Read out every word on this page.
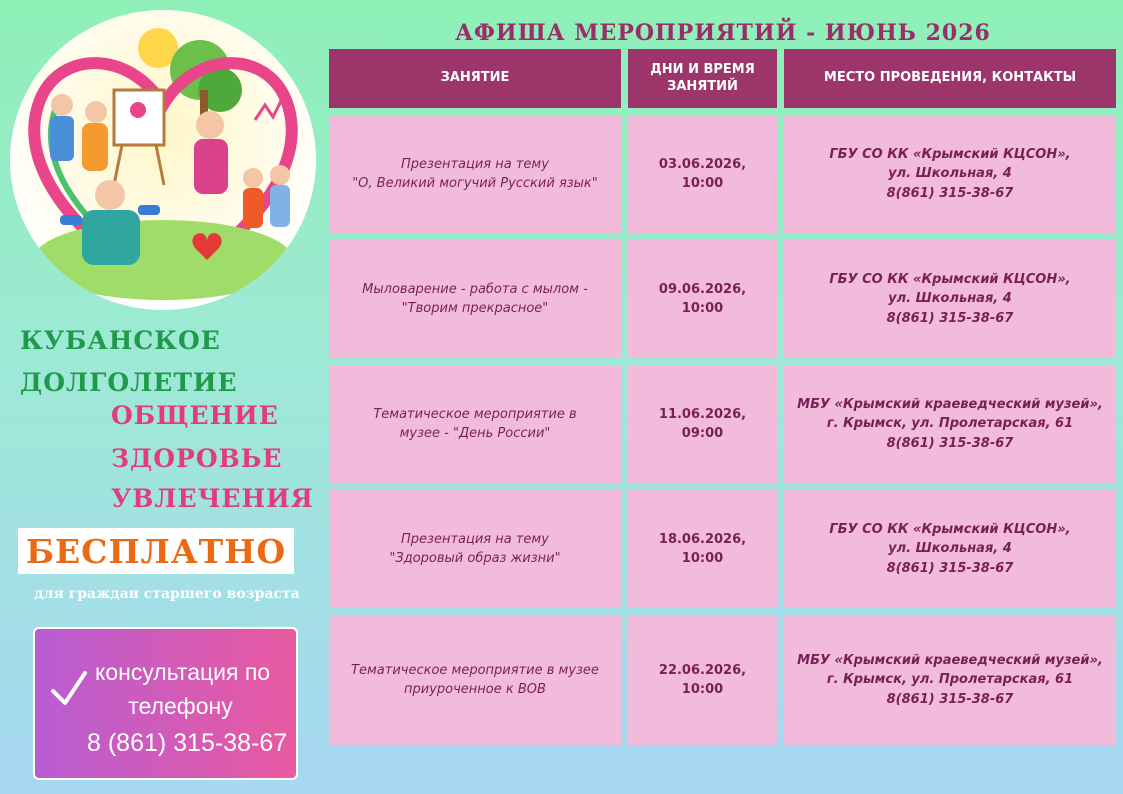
КУБАНСКОЕ
ДОЛГОЛЕТИЕ
ОБЩЕНИЕ
ЗДОРОВЬЕ
УВЛЕЧЕНИЯ
БЕСПЛАТНО
для граждан старшего возраста
консультация по
телефону
8 (861) 315-38-67
АФИША МЕРОПРИЯТИЙ - ИЮНЬ 2026
ЗАНЯТИЕ
ДНИ И ВРЕМЯ ЗАНЯТИЙ
МЕСТО ПРОВЕДЕНИЯ, КОНТАКТЫ
Презентация на тему
"О, Великий могучий Русский язык"
03.06.2026, 10:00
ГБУ СО КК «Крымский КЦСОН»,
ул. Школьная, 4
8(861) 315-38-67
Мыловарение - работа с мылом -
"Творим прекрасное"
09.06.2026, 10:00
ГБУ СО КК «Крымский КЦСОН»,
ул. Школьная, 4
8(861) 315-38-67
Тематическое мероприятие в
музее - "День России"
11.06.2026, 09:00
МБУ «Крымский краеведческий музей»,
г. Крымск, ул. Пролетарская, 61
8(861) 315-38-67
Презентация на тему
"Здоровый образ жизни"
18.06.2026, 10:00
ГБУ СО КК «Крымский КЦСОН»,
ул. Школьная, 4
8(861) 315-38-67
Тематическое мероприятие в музее
приуроченное к ВОВ
22.06.2026, 10:00
МБУ «Крымский краеведческий музей»,
г. Крымск, ул. Пролетарская, 61
8(861) 315-38-67
